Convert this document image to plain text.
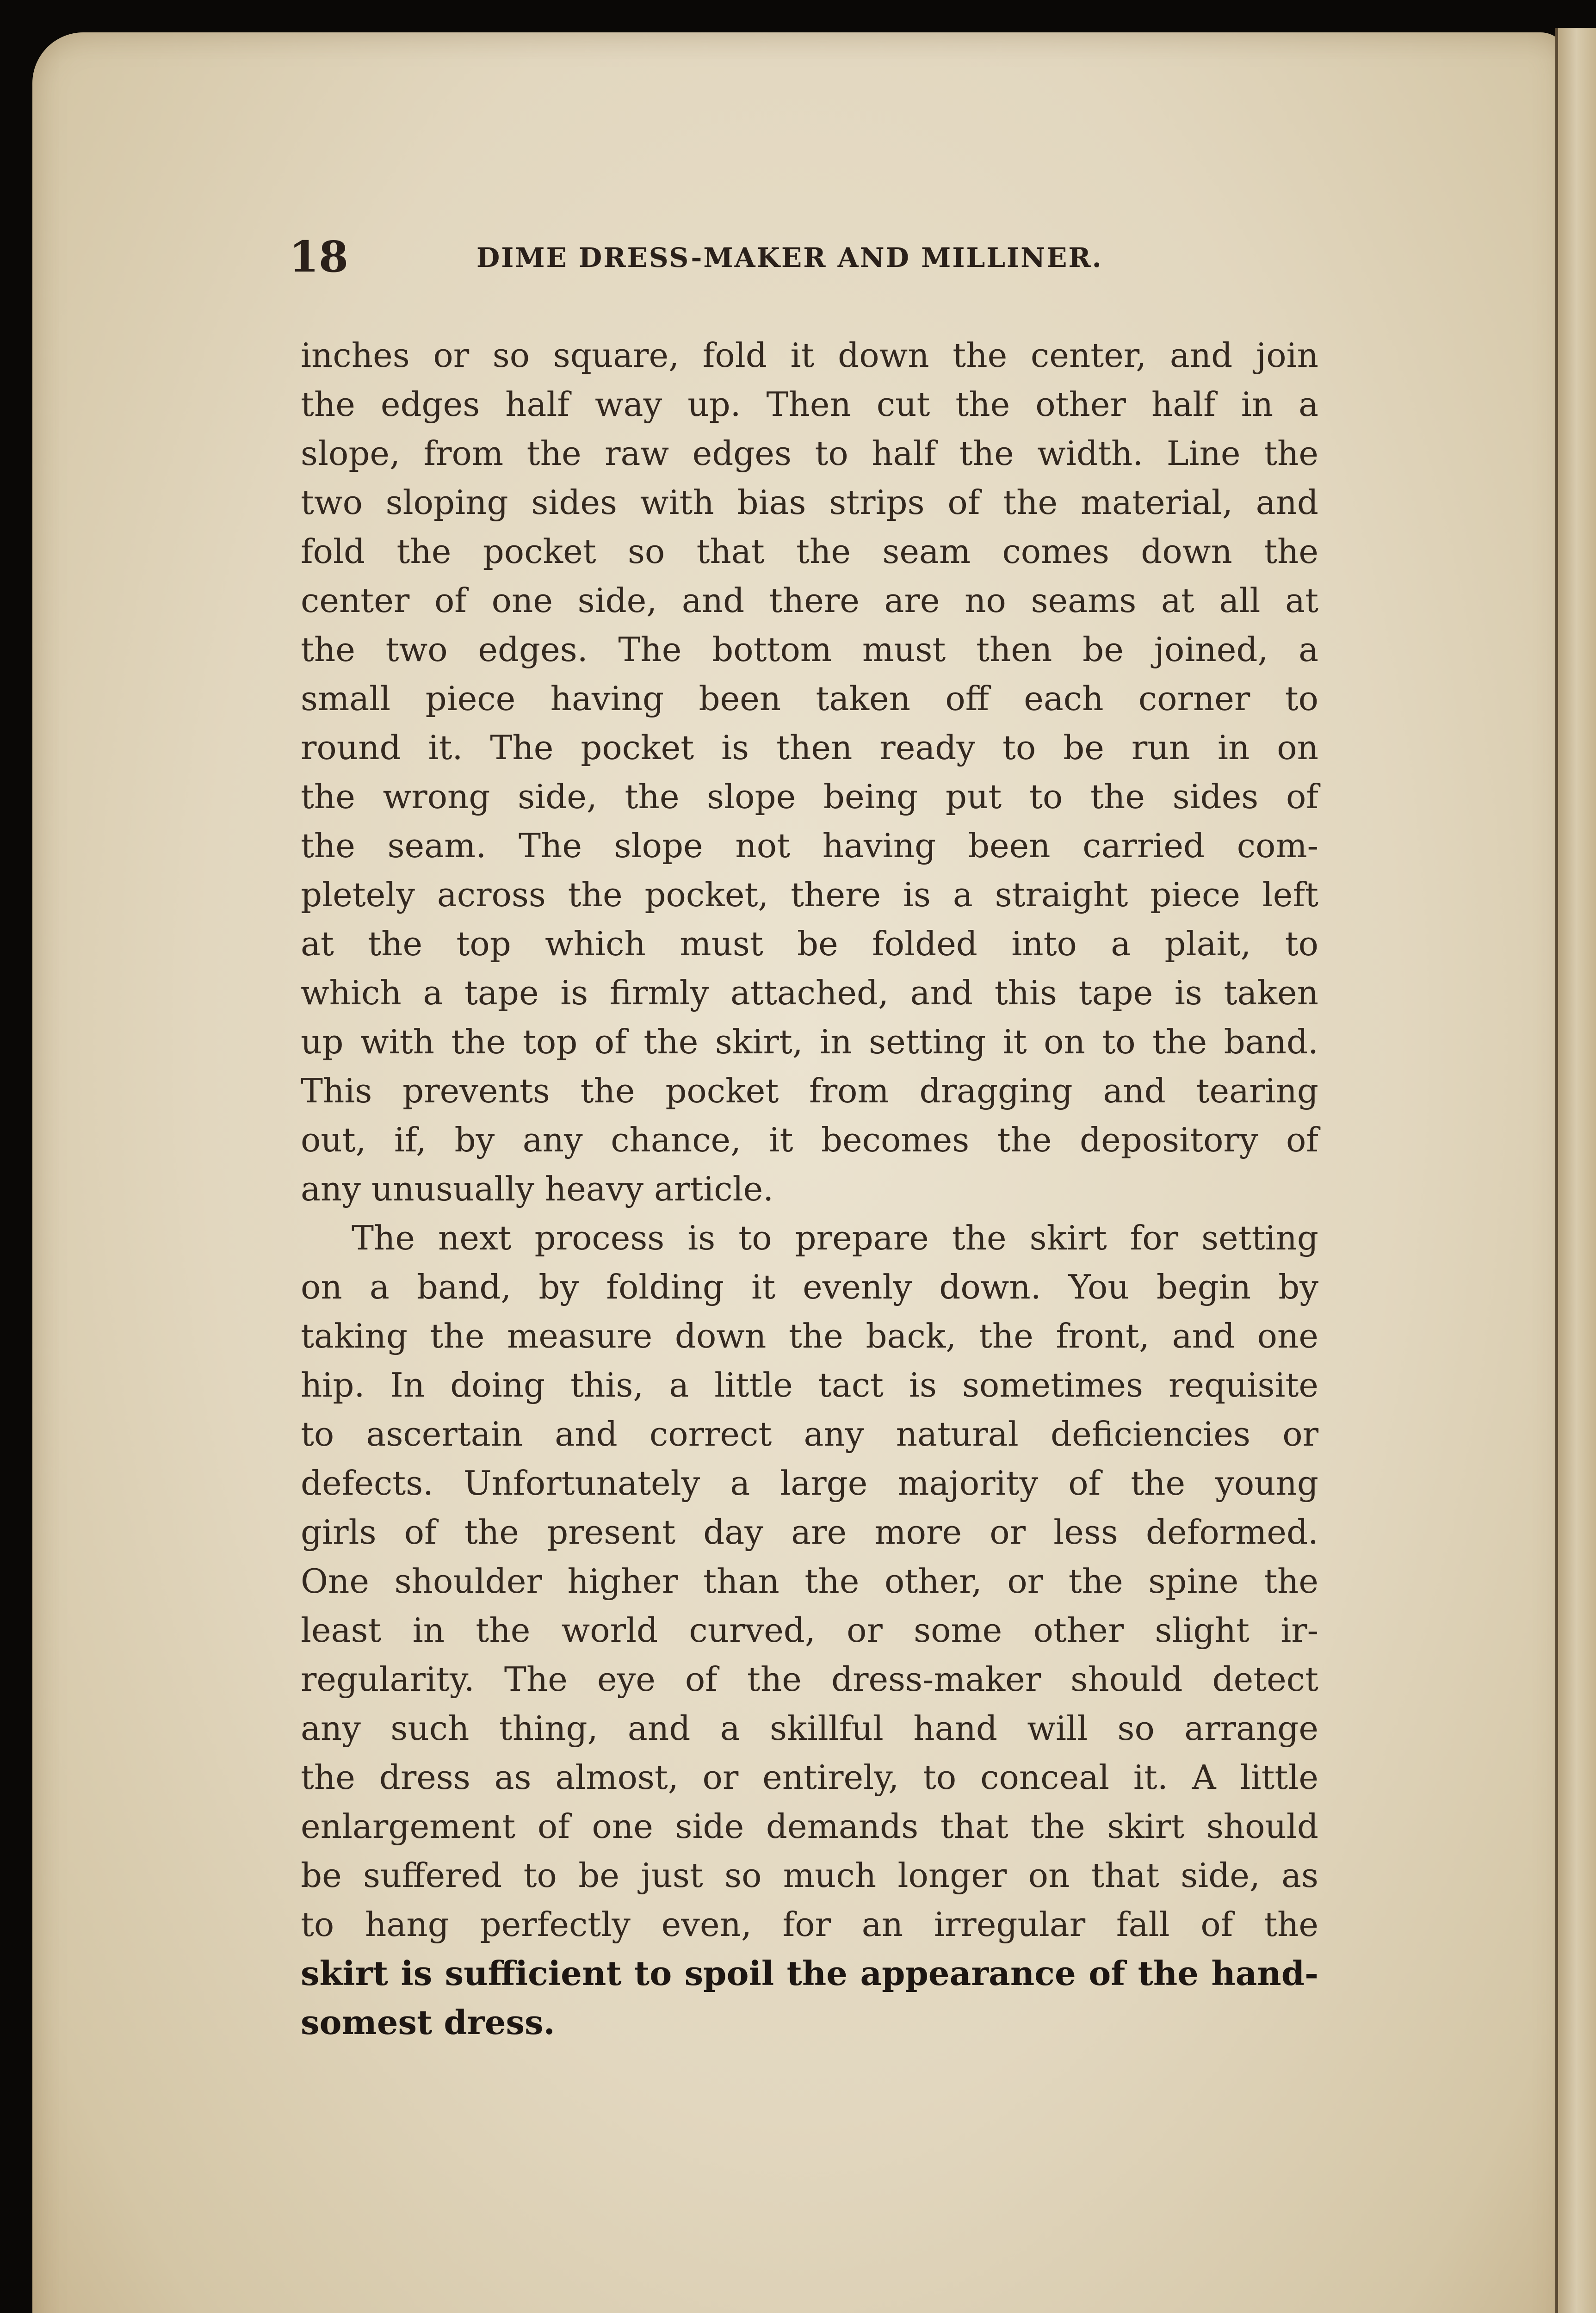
18	DIME DRESS-MAKER AND MILLINER.
inches or so square, fold it down the center, and join
the edges half way up. Then cut the other half in a
slope, from the raw edges to half the width. Line the
two sloping sides with bias strips of the material, and
fold the pocket so that the seam comes down the
center of one side, and there are no seams at all at
the two edges. The bottom must then be joined, a
small piece having been taken off each corner to
round it. The pocket is then ready to be run in on
the wrong side, the slope being put to the sides of
the seam. The slope not having been carried com-
pletely across the pocket, there is a straight piece left
at the top which must be folded into a plait, to
which a tape is firmly attached, and this tape is taken
up with the top of the skirt, in setting it on to the band.
This prevents the pocket from dragging and tearing
out, if, by any chance, it becomes the depository of
any unusually heavy article.
The next process is to prepare the skirt for setting
on a band, by folding it evenly down. You begin by
taking the measure down the back, the front, and one
hip. In doing this, a little tact is sometimes requisite
to ascertain and correct any natural deficiencies or
defects. Unfortunately a large majority of the young
girls of the present day are more or less deformed.
One shoulder higher than the other, or the spine the
least in the world curved, or some other slight ir-
regularity. The eye of the dress-maker should detect
any such thing, and a skillful hand will so arrange
the dress as almost, or entirely, to conceal it. A little
enlargement of one side demands that the skirt should
be suffered to be just so much longer on that side, as
to hang perfectly even, for an irregular fall of the
skirt is sufficient to spoil the appearance of the hand-
somest dress.
